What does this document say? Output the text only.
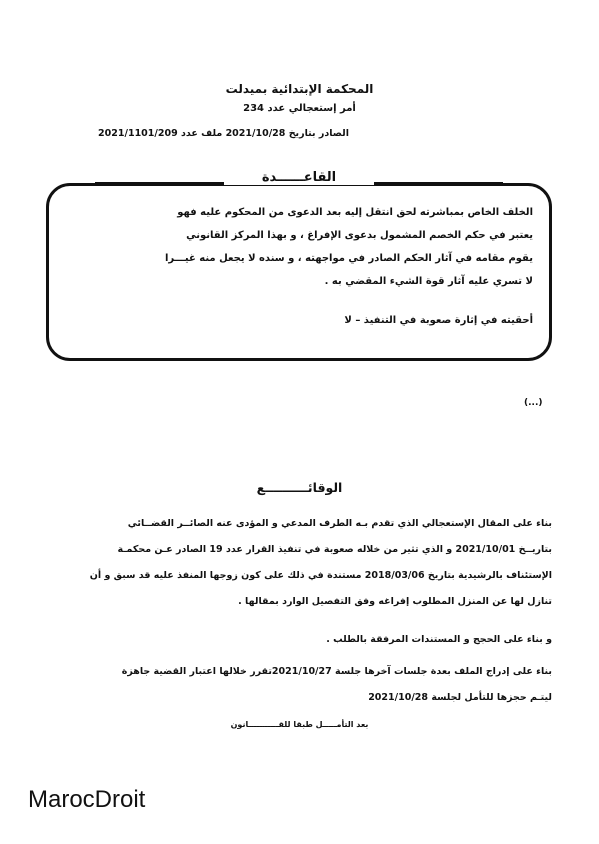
المحكمة الإبتدائية بميدلت
أمر إستعجالي عدد 234
الصادر بتاريخ 2021/10/28 ملف عدد 2021/1101/209
القاعــــــدة
الخلف الخاص بمباشرته لحق انتقل إليه بعد الدعوى من المحكوم عليه فهو
يعتبر في حكم الخصم المشمول بدعوى الإفراغ ، و بهذا المركز القانوني
يقوم مقامه في آثار الحكم الصادر في مواجهته ، و سنده لا يجعل منه غيـــرا
لا تسري عليه آثار قوة الشيء المقضي به .
أحقيته في إثارة صعوبة في التنفيذ – لا
(...)
الوقائــــــــــع
بناء على المقال الإستعجالي الذي تقدم بـه الطرف المدعي و المؤدى عنه الصائــر القضــائي
بتاريــخ 2021/10/01 و الذي تثير من خلاله صعوبة في تنفيذ القرار عدد 19 الصادر عـن محكمـة
الإستئناف بالرشيدية بتاريخ 2018/03/06 مستندة في ذلك على كون زوجها المنفذ عليه قد سبق و أن
تنازل لها عن المنزل المطلوب إفراغه وفق التفصيل الوارد بمقالها .
و بناء على الحجج و المستندات المرفقة بالطلب .
بناء على إدراج الملف بعدة جلسات آخرها جلسة 2021/10/27تقرر خلالها اعتبار القضية جاهزة
ليتـم حجزها للتأمل لجلسة 2021/10/28
بعد التأمـــــل طبقا للقـــــــــــانون
MarocDroit
